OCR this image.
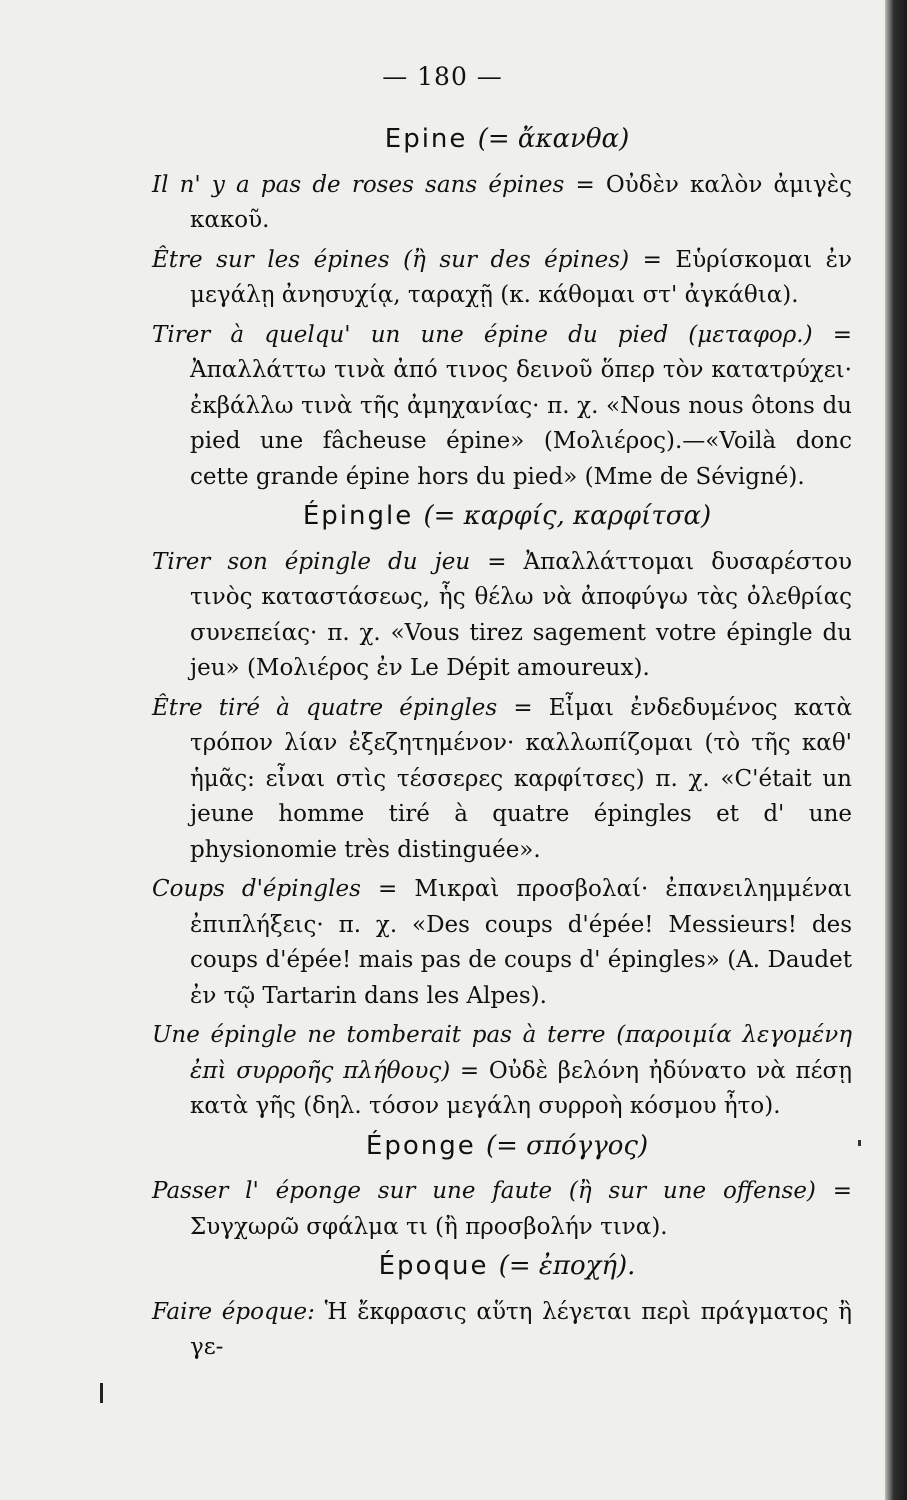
— 180 —
Epine (= ἄκανθα)

Il n' y a pas de roses sans épines = Οὐδὲν καλὸν ἀμιγὲς κακοῦ.

Être sur les épines (ἢ sur des épines) = Εὑρίσκομαι ἐν μεγάλῃ ἀνησυχίᾳ, ταραχῇ (κ. κάθομαι στ' ἀγκάθια).

Tirer à quelqu' un une épine du pied (μεταφορ.) = Ἀπαλλάττω τινὰ ἀπό τινος δεινοῦ ὅπερ τὸν κατατρύχει· ἐκβάλλω τινὰ τῆς ἀμηχανίας· π. χ. «Nous nous ôtons du pied une fâcheuse épine» (Μολιέρος).—«Voilà donc cette grande épine hors du pied» (Mme de Sévigné).

Épingle (= καρφίς, καρφίτσα)

Tirer son épingle du jeu = Ἀπαλλάττομαι δυσαρέστου τινὸς καταστάσεως, ἧς θέλω νὰ ἀποφύγω τὰς ὀλεθρίας συνεπείας· π. χ. «Vous tirez sagement votre épingle du jeu» (Μολιέρος ἐν Le Dépit amoureux).

Être tiré à quatre épingles = Εἶμαι ἐνδεδυμένος κατὰ τρόπον λίαν ἐξεζητημένον· καλλωπίζομαι (τὸ τῆς καθ' ἡμᾶς: εἶναι στὶς τέσσερες καρφίτσες) π. χ. «C'était un jeune homme tiré à quatre épingles et d' une physionomie très distinguée».

Coups d'épingles = Μικραὶ προσβολαί· ἐπανειλημμέναι ἐπιπλήξεις· π. χ. «Des coups d'épée! Messieurs! des coups d'épée! mais pas de coups d' épingles» (A. Daudet ἐν τῷ Tartarin dans les Alpes).

Une épingle ne tomberait pas à terre (παροιμία λεγομένη ἐπὶ συρροῆς πλήθους) = Οὐδὲ βελόνη ἠδύνατο νὰ πέσῃ κατὰ γῆς (δηλ. τόσον μεγάλη συρροὴ κόσμου ἦτο).

Éponge (= σπόγγος)

Passer l' éponge sur une faute (ἢ sur une offense) = Συγχωρῶ σφάλμα τι (ἢ προσβολήν τινα).

Époque (= ἐποχή).

Faire époque: Ἡ ἔκφρασις αὕτη λέγεται περὶ πράγματος ἢ γε-
